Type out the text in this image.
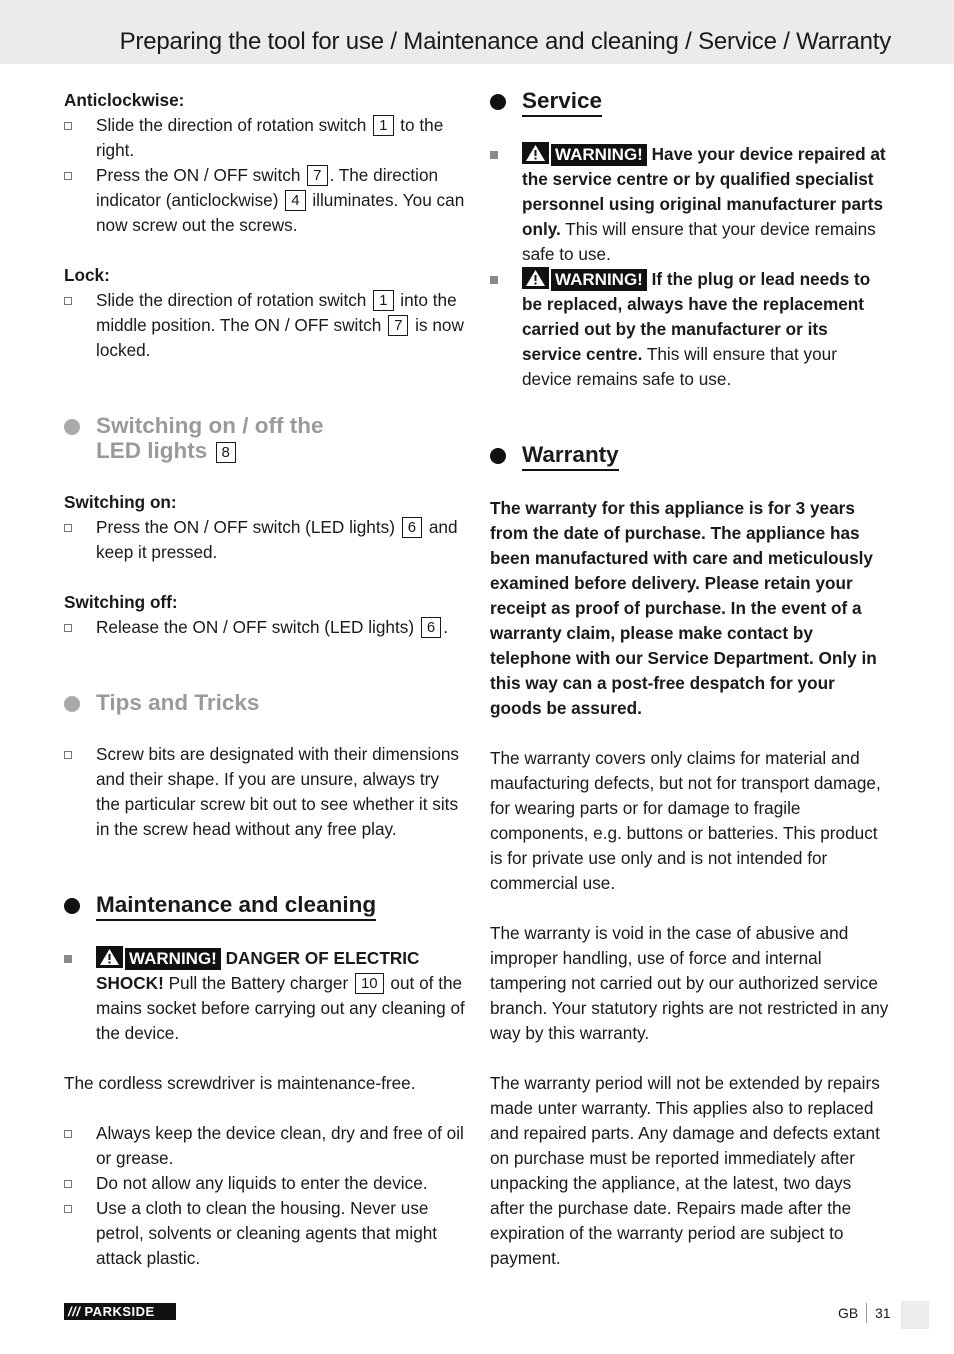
Preparing the tool for use / Maintenance and cleaning / Service / Warranty
Anticlockwise:
Slide the direction of rotation switch 1 to the right.
Press the ON / OFF switch 7 . The direction indicator (anticlockwise) 4 illuminates. You can now screw out the screws.
Lock:
Slide the direction of rotation switch 1 into the middle position. The ON / OFF switch 7 is now locked.
Switching on / off the
LED lights 8
Switching on:
Press the ON / OFF switch (LED lights) 6 and keep it pressed.
Switching off:
Release the ON / OFF switch (LED lights) 6 .
Tips and Tricks
Screw bits are designated with their dimensions and their shape. If you are unsure, always try the particular screw bit out to see whether it sits in the screw head without any free play.
Maintenance and cleaning
WARNING! DANGER OF ELECTRIC SHOCK! Pull the Battery charger 10 out of the mains socket before carrying out any cleaning of the device.
The cordless screwdriver is maintenance-free.
Always keep the device clean, dry and free of oil or grease.
Do not allow any liquids to enter the device.
Use a cloth to clean the housing. Never use petrol, solvents or cleaning agents that might attack plastic.
Service
WARNING! Have your device repaired at the service centre or by qualified specialist personnel using original manufacturer parts only. This will ensure that your device remains safe to use.
WARNING! If the plug or lead needs to be replaced, always have the replacement carried out by the manufacturer or its service centre. This will ensure that your device remains safe to use.
Warranty
The warranty for this appliance is for 3 years from the date of purchase. The appliance has been manufactured with care and meticulously examined before delivery. Please retain your receipt as proof of purchase. In the event of a warranty claim, please make contact by telephone with our Service Department. Only in this way can a post-free despatch for your goods be assured.
The warranty covers only claims for material and maufacturing defects, but not for transport damage, for wearing parts or for damage to fragile components, e.g. buttons or batteries. This product is for private use only and is not intended for commercial use.
The warranty is void in the case of abusive and improper handling, use of force and internal tampering not carried out by our authorized service branch. Your statutory rights are not restricted in any way by this warranty.
The warranty period will not be extended by repairs made unter warranty. This applies also to replaced and repaired parts. Any damage and defects extant on purchase must be reported immediately after unpacking the appliance, at the latest, two days after the purchase date. Repairs made after the expiration of the warranty period are subject to payment.
/// PARKSIDE	GB 31
